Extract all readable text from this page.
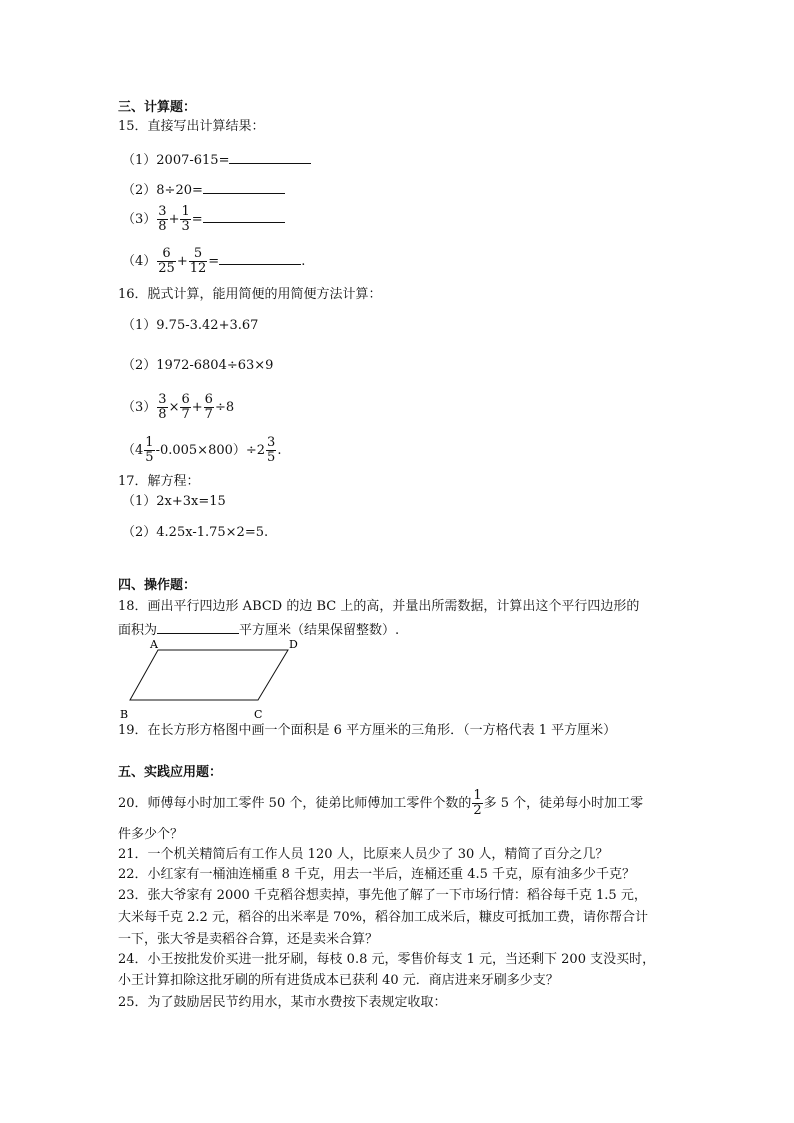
三、计算题：
15．直接写出计算结果：
（1）2007-615=
（2）8÷20=
$(3) \frac{3}{8} + \frac{1}{3}$ =
$(4) \frac{6}{25} + \frac{5}{12}$ =	.
16．脱式计算，能用简便的用简便方法计算：
（1）9.75-3.42+3.67
（2）1972-6804÷63×9
$(3) \frac{3}{8} \times \frac{6}{7} + \frac{6}{7} \div 8$
$(4 \frac{1}{5} -0.005\times 800)\div 2 \frac{3}{5}$ .
17．解方程：
（1）2x+3x=15
（2）4.25x-1.75×2=5.
四、操作题：
18．画出平行四边形 ABCD 的边 BC 上的高，并量出所需数据，计算出这个平行四边形的
面积为	平方厘米（结果保留整数）.
A	D
B	C
19．在长方形方格图中画一个面积是 6 平方厘米的三角形．（一方格代表 1 平方厘米）
五、实践应用题：
20．师傅每小时加工零件 50 个，徒弟比师傅加工零件个数的 $\frac{1}{2}$ 多 5 个，徒弟每小时加工零
件多少个？
21．一个机关精简后有工作人员 120 人，比原来人员少了 30 人，精简了百分之几？
22．小红家有一桶油连桶重 8 千克，用去一半后，连桶还重 4.5 千克，原有油多少千克？
23．张大爷家有 2000 千克稻谷想卖掉，事先他了解了一下市场行情：稻谷每千克 1.5 元，
大米每千克 2.2 元，稻谷的出米率是 70%，稻谷加工成米后，糠皮可抵加工费，请你帮合计
一下，张大爷是卖稻谷合算，还是卖米合算？
24．小王按批发价买进一批牙刷，每枝 0.8 元，零售价每支 1 元，当还剩下 200 支没买时，
小王计算扣除这批牙刷的所有进货成本已获利 40 元．商店进来牙刷多少支？
25．为了鼓励居民节约用水，某市水费按下表规定收取：
